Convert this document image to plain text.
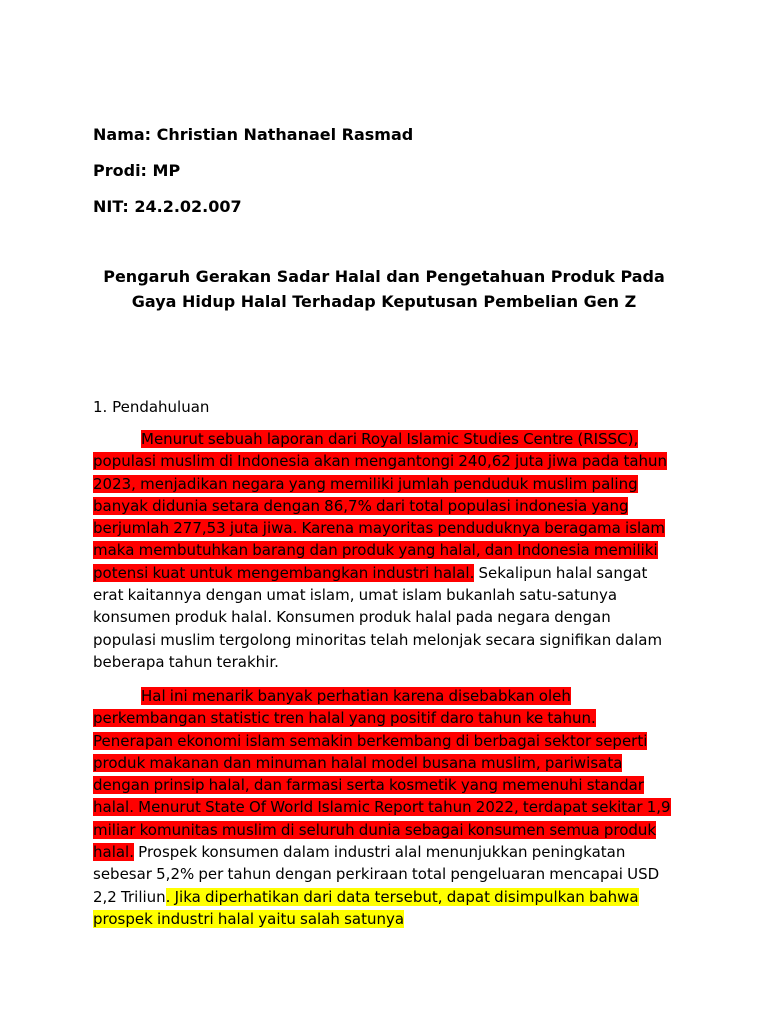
Nama: Christian Nathanael Rasmad

Prodi: MP

NIT: 24.2.02.007

Pengaruh Gerakan Sadar Halal dan Pengetahuan Produk Pada Gaya Hidup Halal Terhadap Keputusan Pembelian Gen Z

1. Pendahuluan

Menurut sebuah laporan dari Royal Islamic Studies Centre (RISSC), populasi muslim di Indonesia akan mengantongi 240,62 juta jiwa pada tahun 2023, menjadikan negara yang memiliki jumlah penduduk muslim paling banyak didunia setara dengan 86,7% dari total populasi indonesia yang berjumlah 277,53 juta jiwa. Karena mayoritas penduduknya beragama islam maka membutuhkan barang dan produk yang halal, dan Indonesia memiliki potensi kuat untuk mengembangkan industri halal. Sekalipun halal sangat erat kaitannya dengan umat islam, umat islam bukanlah satu-satunya konsumen produk halal. Konsumen produk halal pada negara dengan populasi muslim tergolong minoritas telah melonjak secara signifikan dalam beberapa tahun terakhir.

Hal ini menarik banyak perhatian karena disebabkan oleh perkembangan statistic tren halal yang positif daro tahun ke tahun. Penerapan ekonomi islam semakin berkembang di berbagai sektor seperti produk makanan dan minuman halal model busana muslim, pariwisata dengan prinsip halal, dan farmasi serta kosmetik yang memenuhi standar halal. Menurut State Of World Islamic Report tahun 2022, terdapat sekitar 1,9 miliar komunitas muslim di seluruh dunia sebagai konsumen semua produk halal. Prospek konsumen dalam industri alal menunjukkan peningkatan sebesar 5,2% per tahun dengan perkiraan total pengeluaran mencapai USD 2,2 Triliun. Jika diperhatikan dari data tersebut, dapat disimpulkan bahwa prospek industri halal yaitu salah satunya
